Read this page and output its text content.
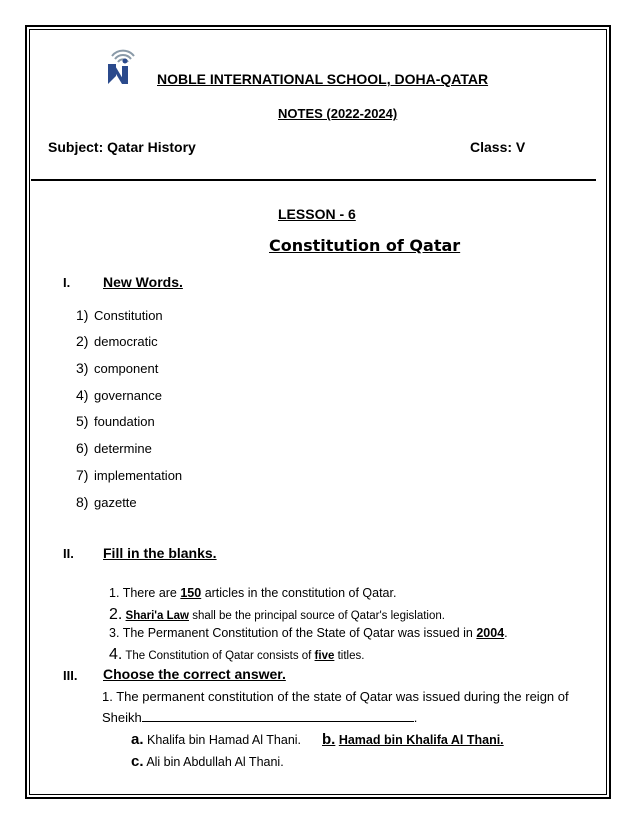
NOBLE INTERNATIONAL SCHOOL, DOHA-QATAR
NOTES (2022-2024)
Subject: Qatar History	Class: V
LESSON - 6
Constitution of Qatar
I. New Words.
1) Constitution
2) democratic
3) component
4) governance
5) foundation
6) determine
7) implementation
8) gazette
II. Fill in the blanks.
1. There are 150 articles in the constitution of Qatar.
2. Shari'a Law shall be the principal source of Qatar's legislation.
3. The Permanent Constitution of the State of Qatar was issued in 2004.
4. The Constitution of Qatar consists of five titles.
III. Choose the correct answer.
1. The permanent constitution of the state of Qatar was issued during the reign of Sheikh	.
a. Khalifa bin Hamad Al Thani. b. Hamad bin Khalifa Al Thani.
c. Ali bin Abdullah Al Thani.
